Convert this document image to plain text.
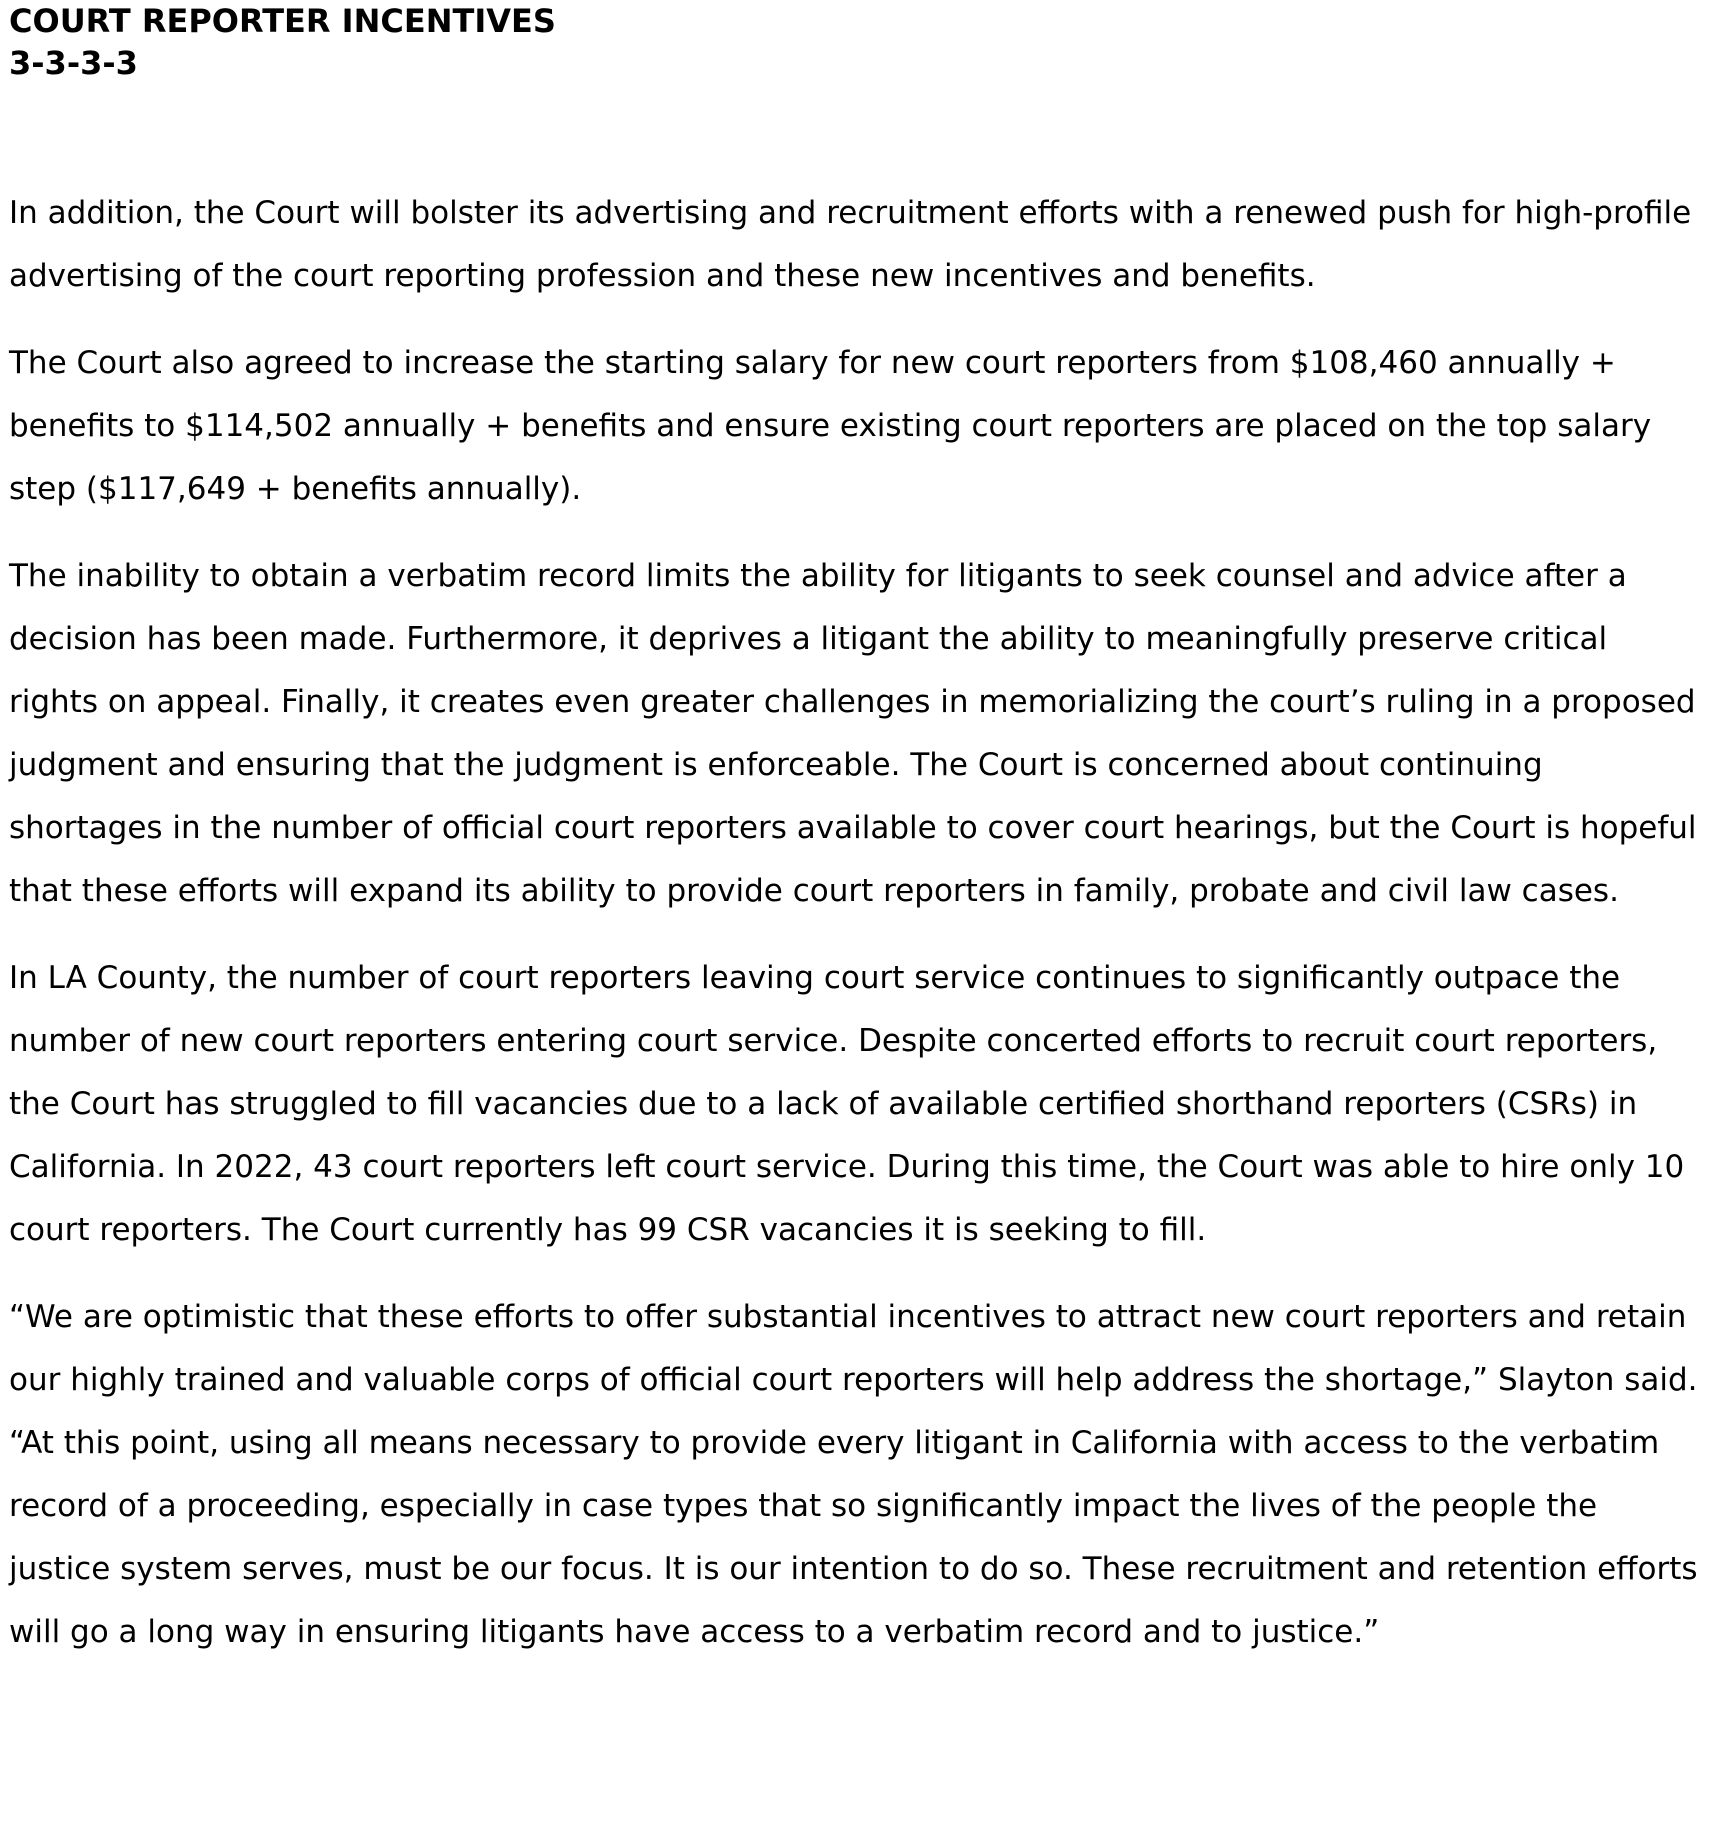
COURT REPORTER INCENTIVES
3-3-3-3

In addition, the Court will bolster its advertising and recruitment efforts with a renewed push for high-profile advertising of the court reporting profession and these new incentives and benefits.

The Court also agreed to increase the starting salary for new court reporters from $108,460 annually + benefits to $114,502 annually + benefits and ensure existing court reporters are placed on the top salary step ($117,649 + benefits annually).

The inability to obtain a verbatim record limits the ability for litigants to seek counsel and advice after a decision has been made. Furthermore, it deprives a litigant the ability to meaningfully preserve critical rights on appeal. Finally, it creates even greater challenges in memorializing the court’s ruling in a proposed judgment and ensuring that the judgment is enforceable. The Court is concerned about continuing shortages in the number of official court reporters available to cover court hearings, but the Court is hopeful that these efforts will expand its ability to provide court reporters in family, probate and civil law cases.

In LA County, the number of court reporters leaving court service continues to significantly outpace the number of new court reporters entering court service. Despite concerted efforts to recruit court reporters, the Court has struggled to fill vacancies due to a lack of available certified shorthand reporters (CSRs) in California. In 2022, 43 court reporters left court service. During this time, the Court was able to hire only 10 court reporters. The Court currently has 99 CSR vacancies it is seeking to fill.

“We are optimistic that these efforts to offer substantial incentives to attract new court reporters and retain our highly trained and valuable corps of official court reporters will help address the shortage,” Slayton said. “At this point, using all means necessary to provide every litigant in California with access to the verbatim record of a proceeding, especially in case types that so significantly impact the lives of the people the justice system serves, must be our focus. It is our intention to do so. These recruitment and retention efforts will go a long way in ensuring litigants have access to a verbatim record and to justice.”
